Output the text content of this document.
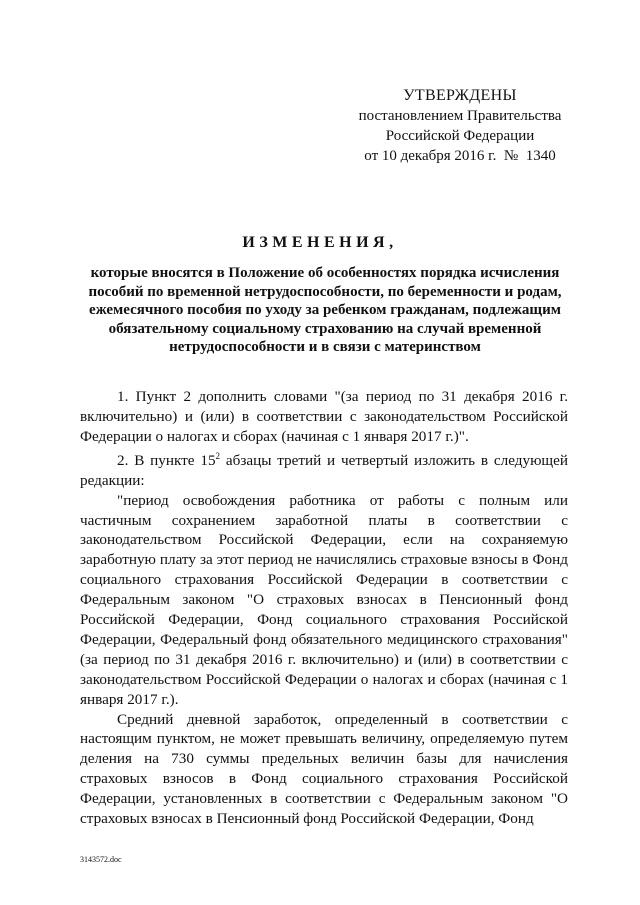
УТВЕРЖДЕНЫ
постановлением Правительства
Российской Федерации
от 10 декабря 2016 г.  №  1340
ИЗМЕНЕНИЯ,
которые вносятся в Положение об особенностях порядка исчисления пособий по временной нетрудоспособности, по беременности и родам, ежемесячного пособия по уходу за ребенком гражданам, подлежащим обязательному социальному страхованию на случай временной нетрудоспособности и в связи с материнством

1. Пункт 2 дополнить словами "(за период по 31 декабря 2016 г. включительно) и (или) в соответствии с законодательством Российской Федерации о налогах и сборах (начиная с 1 января 2017 г.)".

2. В пункте $15^2$ абзацы третий и четвертый изложить в следующей редакции:

"период освобождения работника от работы с полным или частичным сохранением заработной платы в соответствии с законодательством Российской Федерации, если на сохраняемую заработную плату за этот период не начислялись страховые взносы в Фонд социального страхования Российской Федерации в соответствии с Федеральным законом "О страховых взносах в Пенсионный фонд Российской Федерации, Фонд социального страхования Российской Федерации, Федеральный фонд обязательного медицинского страхования" (за период по 31 декабря 2016 г. включительно) и (или) в соответствии с законодательством Российской Федерации о налогах и сборах (начиная с 1 января 2017 г.).

Средний дневной заработок, определенный в соответствии с настоящим пунктом, не может превышать величину, определяемую путем деления на 730 суммы предельных величин базы для начисления страховых взносов в Фонд социального страхования Российской Федерации, установленных в соответствии с Федеральным законом "О страховых взносах в Пенсионный фонд Российской Федерации, Фонд

3143572.doc
